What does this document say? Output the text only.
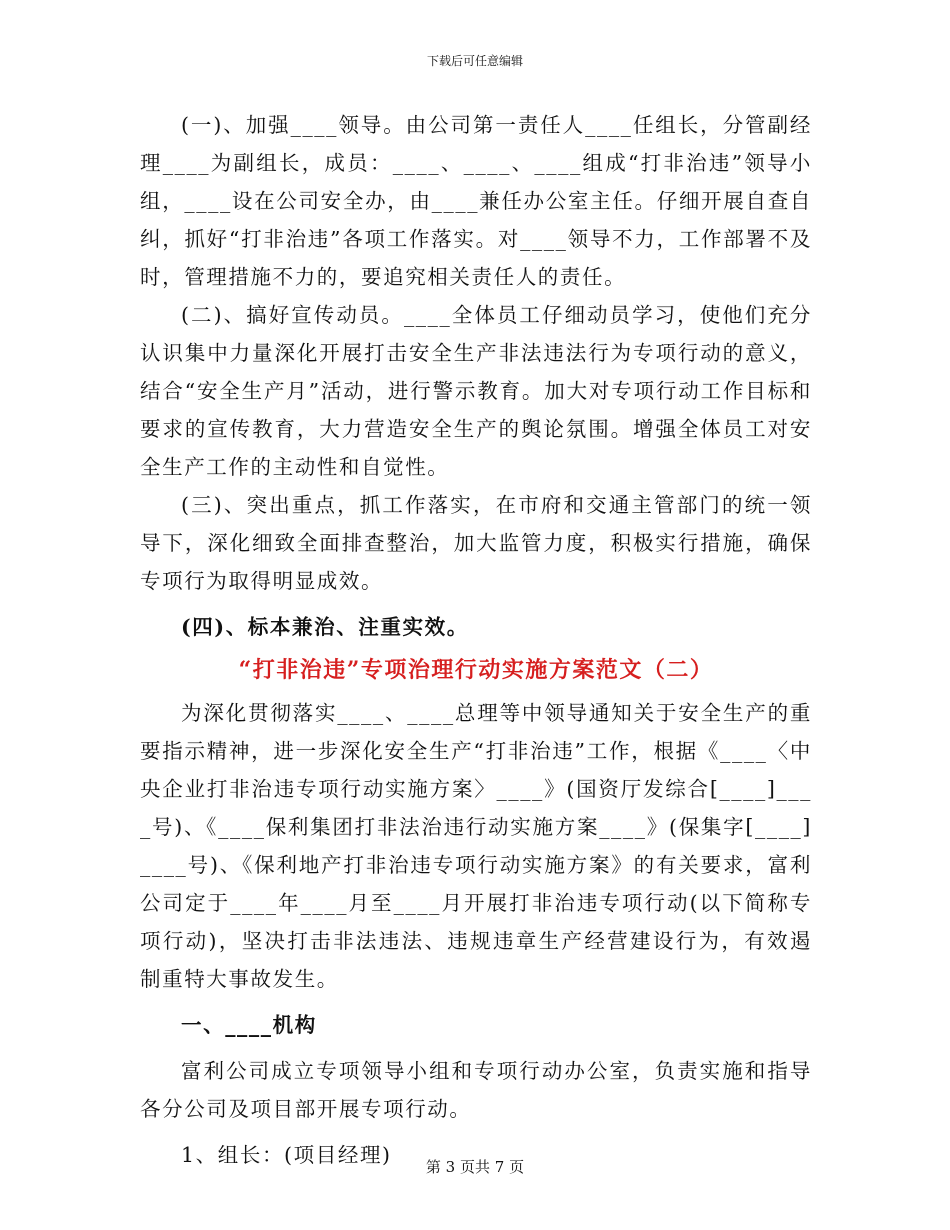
下载后可任意编辑

(一)、加强____领导。由公司第一责任人____任组长，分管副经理____为副组长，成员：____、____、____组成“打非治违”领导小组，____设在公司安全办，由____兼任办公室主任。仔细开展自查自纠，抓好“打非治违”各项工作落实。对____领导不力，工作部署不及时，管理措施不力的，要追究相关责任人的责任。

(二)、搞好宣传动员。____全体员工仔细动员学习，使他们充分认识集中力量深化开展打击安全生产非法违法行为专项行动的意义，结合“安全生产月”活动，进行警示教育。加大对专项行动工作目标和要求的宣传教育，大力营造安全生产的舆论氛围。增强全体员工对安全生产工作的主动性和自觉性。

(三)、突出重点，抓工作落实，在市府和交通主管部门的统一领导下，深化细致全面排查整治，加大监管力度，积极实行措施，确保专项行为取得明显成效。

(四)、标本兼治、注重实效。

“打非治违”专项治理行动实施方案范文（二）

为深化贯彻落实____、____总理等中领导通知关于安全生产的重要指示精神，进一步深化安全生产“打非治违”工作，根据《____〈中央企业打非治违专项行动实施方案〉____》(国资厅发综合[____]____号)、《____保利集团打非法治违行动实施方案____》(保集字[____]____号)、《保利地产打非治违专项行动实施方案》的有关要求，富利公司定于____年____月至____月开展打非治违专项行动(以下简称专项行动)，坚决打击非法违法、违规违章生产经营建设行为，有效遏制重特大事故发生。

一、____机构

富利公司成立专项领导小组和专项行动办公室，负责实施和指导各分公司及项目部开展专项行动。

1、组长：(项目经理)	第 3 页共 7 页
